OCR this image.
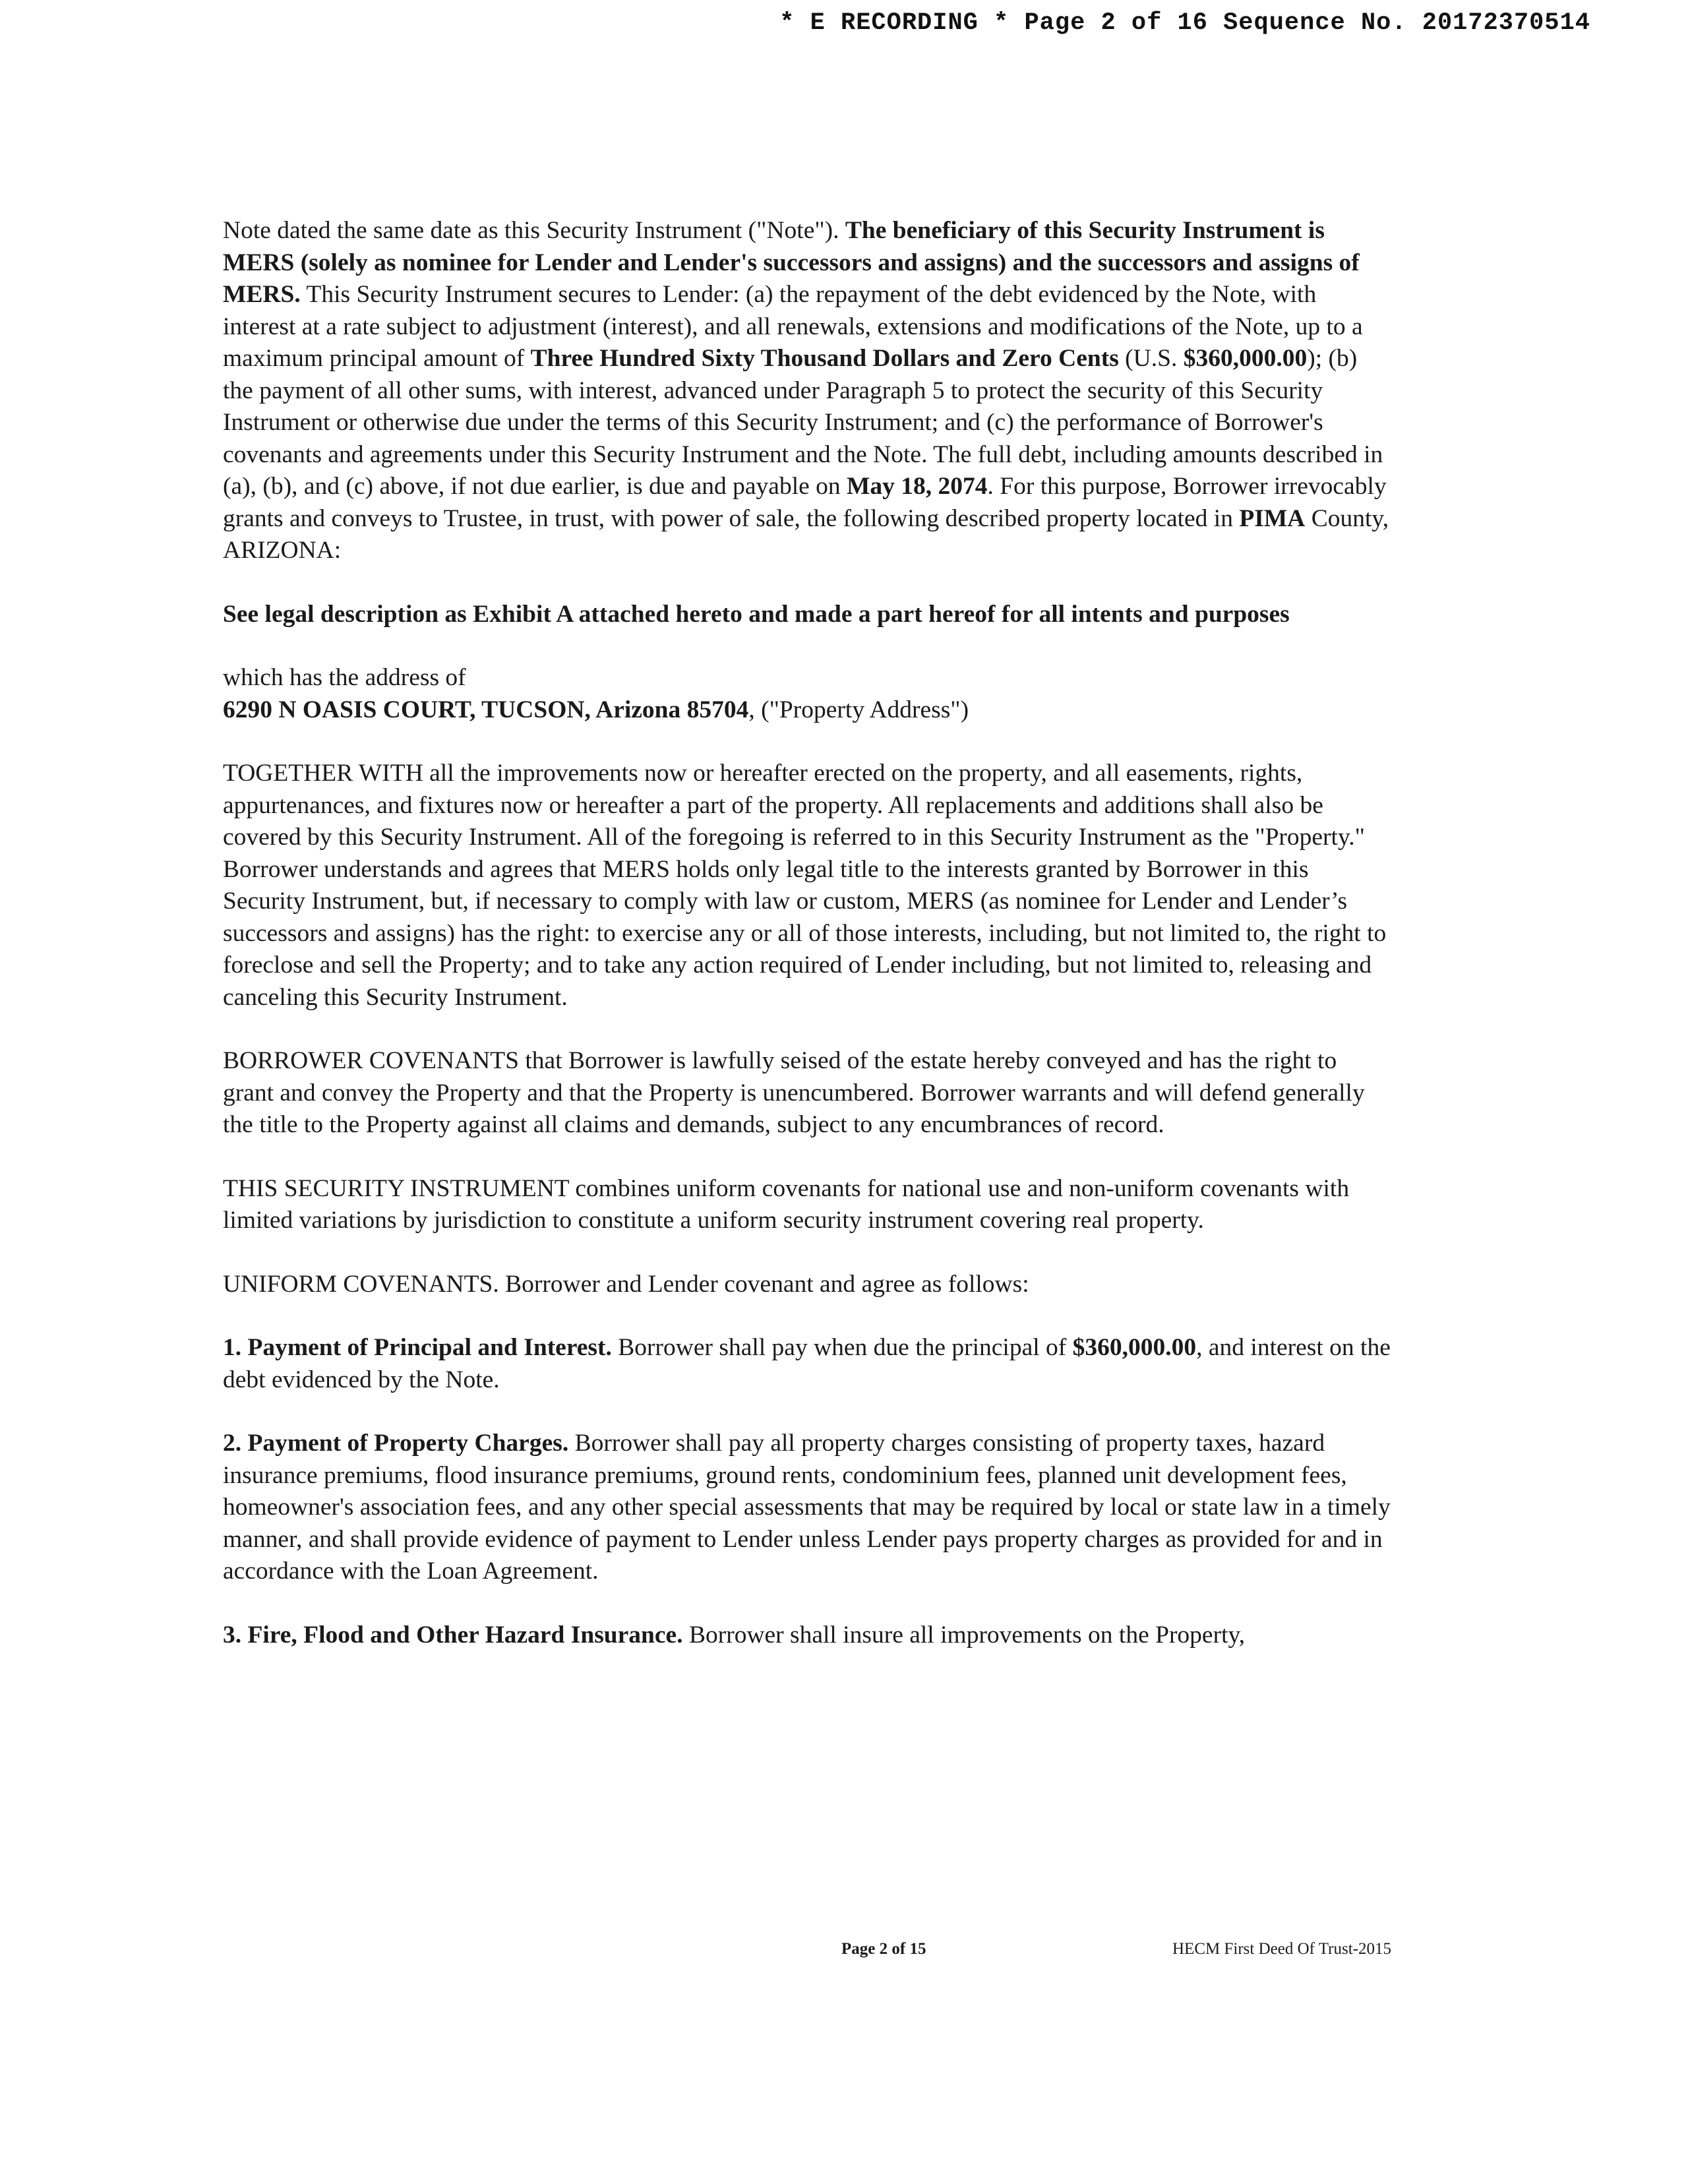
* E RECORDING * Page 2 of 16 Sequence No. 20172370514

Note dated the same date as this Security Instrument ("Note"). The beneficiary of this Security Instrument is MERS (solely as nominee for Lender and Lender's successors and assigns) and the successors and assigns of MERS. This Security Instrument secures to Lender: (a) the repayment of the debt evidenced by the Note, with interest at a rate subject to adjustment (interest), and all renewals, extensions and modifications of the Note, up to a maximum principal amount of Three Hundred Sixty Thousand Dollars and Zero Cents (U.S. $360,000.00); (b) the payment of all other sums, with interest, advanced under Paragraph 5 to protect the security of this Security Instrument or otherwise due under the terms of this Security Instrument; and (c) the performance of Borrower's covenants and agreements under this Security Instrument and the Note. The full debt, including amounts described in (a), (b), and (c) above, if not due earlier, is due and payable on May 18, 2074. For this purpose, Borrower irrevocably grants and conveys to Trustee, in trust, with power of sale, the following described property located in PIMA County, ARIZONA:

See legal description as Exhibit A attached hereto and made a part hereof for all intents and purposes

which has the address of
6290 N OASIS COURT, TUCSON, Arizona 85704, ("Property Address")

TOGETHER WITH all the improvements now or hereafter erected on the property, and all easements, rights, appurtenances, and fixtures now or hereafter a part of the property. All replacements and additions shall also be covered by this Security Instrument. All of the foregoing is referred to in this Security Instrument as the "Property." Borrower understands and agrees that MERS holds only legal title to the interests granted by Borrower in this Security Instrument, but, if necessary to comply with law or custom, MERS (as nominee for Lender and Lender’s successors and assigns) has the right: to exercise any or all of those interests, including, but not limited to, the right to foreclose and sell the Property; and to take any action required of Lender including, but not limited to, releasing and canceling this Security Instrument.

BORROWER COVENANTS that Borrower is lawfully seised of the estate hereby conveyed and has the right to grant and convey the Property and that the Property is unencumbered. Borrower warrants and will defend generally the title to the Property against all claims and demands, subject to any encumbrances of record.

THIS SECURITY INSTRUMENT combines uniform covenants for national use and non-uniform covenants with limited variations by jurisdiction to constitute a uniform security instrument covering real property.

UNIFORM COVENANTS. Borrower and Lender covenant and agree as follows:

1. Payment of Principal and Interest. Borrower shall pay when due the principal of $360,000.00, and interest on the debt evidenced by the Note.

2. Payment of Property Charges. Borrower shall pay all property charges consisting of property taxes, hazard insurance premiums, flood insurance premiums, ground rents, condominium fees, planned unit development fees, homeowner's association fees, and any other special assessments that may be required by local or state law in a timely manner, and shall provide evidence of payment to Lender unless Lender pays property charges as provided for and in accordance with the Loan Agreement.

3. Fire, Flood and Other Hazard Insurance. Borrower shall insure all improvements on the Property,

Page 2 of 15	HECM First Deed Of Trust-2015
